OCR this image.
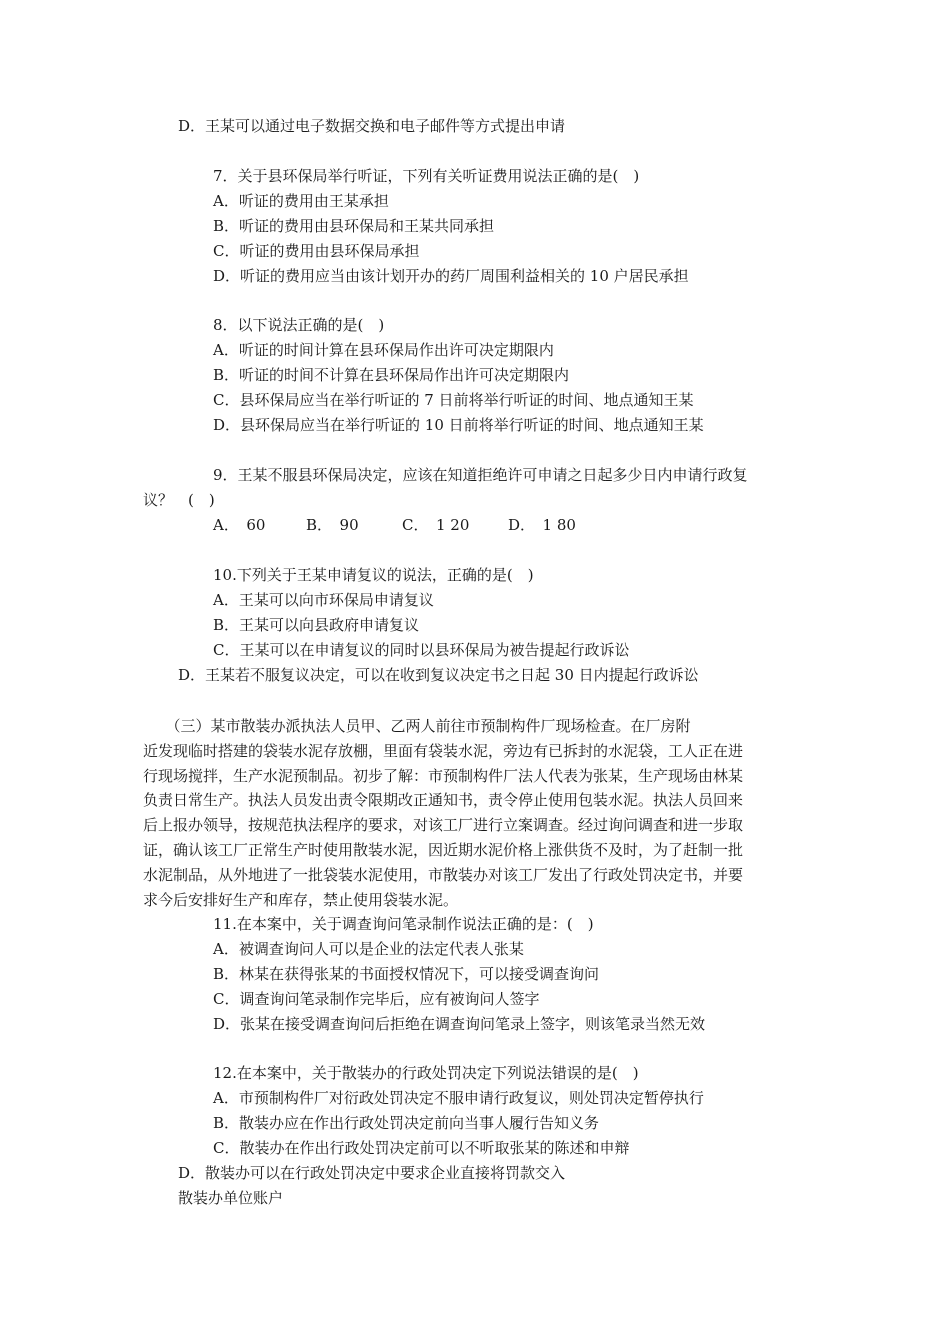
D．王某可以通过电子数据交换和电子邮件等方式提出申请
7．关于县环保局举行听证，下列有关听证费用说法正确的是(　)
A．听证的费用由王某承担
B．听证的费用由县环保局和王某共同承担
C．听证的费用由县环保局承担
D．听证的费用应当由该计划开办的药厂周围利益相关的 10 户居民承担
8．以下说法正确的是(　)
A．听证的时间计算在县环保局作出许可决定期限内
B．听证的时间不计算在县环保局作出许可决定期限内
C．县环保局应当在举行听证的 7 日前将举行听证的时间、地点通知王某
D．县环保局应当在举行听证的 10 日前将举行听证的时间、地点通知王某
9．王某不服县环保局决定，应该在知道拒绝许可申请之日起多少日内申请行政复
议？　(　)
A．　60	B．　90	C．　1 20	D．　1 80
10.下列关于王某申请复议的说法，正确的是(　)
A．王某可以向市环保局申请复议
B．王某可以向县政府申请复议
C．王某可以在申请复议的同时以县环保局为被告提起行政诉讼
D．王某若不服复议决定，可以在收到复议决定书之日起 30 日内提起行政诉讼
　　（三）某市散装办派执法人员甲、乙两人前往市预制构件厂现场检查。在厂房附
近发现临时搭建的袋装水泥存放棚，里面有袋装水泥，旁边有已拆封的水泥袋，工人正在进
行现场搅拌，生产水泥预制品。初步了解：市预制构件厂法人代表为张某，生产现场由林某
负责日常生产。执法人员发出责令限期改正通知书，责令停止使用包装水泥。执法人员回来
后上报办领导，按规范执法程序的要求，对该工厂进行立案调查。经过询问调查和进一步取
证，确认该工厂正常生产时使用散装水泥，因近期水泥价格上涨供货不及时，为了赶制一批
水泥制品，从外地进了一批袋装水泥使用，市散装办对该工厂发出了行政处罚决定书，并要
求今后安排好生产和库存，禁止使用袋装水泥。
11.在本案中，关于调查询问笔录制作说法正确的是：(　)
A．被调查询问人可以是企业的法定代表人张某
B．林某在获得张某的书面授权情况下，可以接受调查询问
C．调查询问笔录制作完毕后，应有被询问人签字
D．张某在接受调查询问后拒绝在调查询问笔录上签字，则该笔录当然无效
12.在本案中，关于散装办的行政处罚决定下列说法错误的是(　)
A．市预制构件厂对衍政处罚决定不服申请行政复议，则处罚决定暂停执行
B．散装办应在作出行政处罚决定前向当事人履行告知义务
C．散装办在作出行政处罚决定前可以不听取张某的陈述和申辩
D．散装办可以在行政处罚决定中要求企业直接将罚款交入
散装办单位账户
